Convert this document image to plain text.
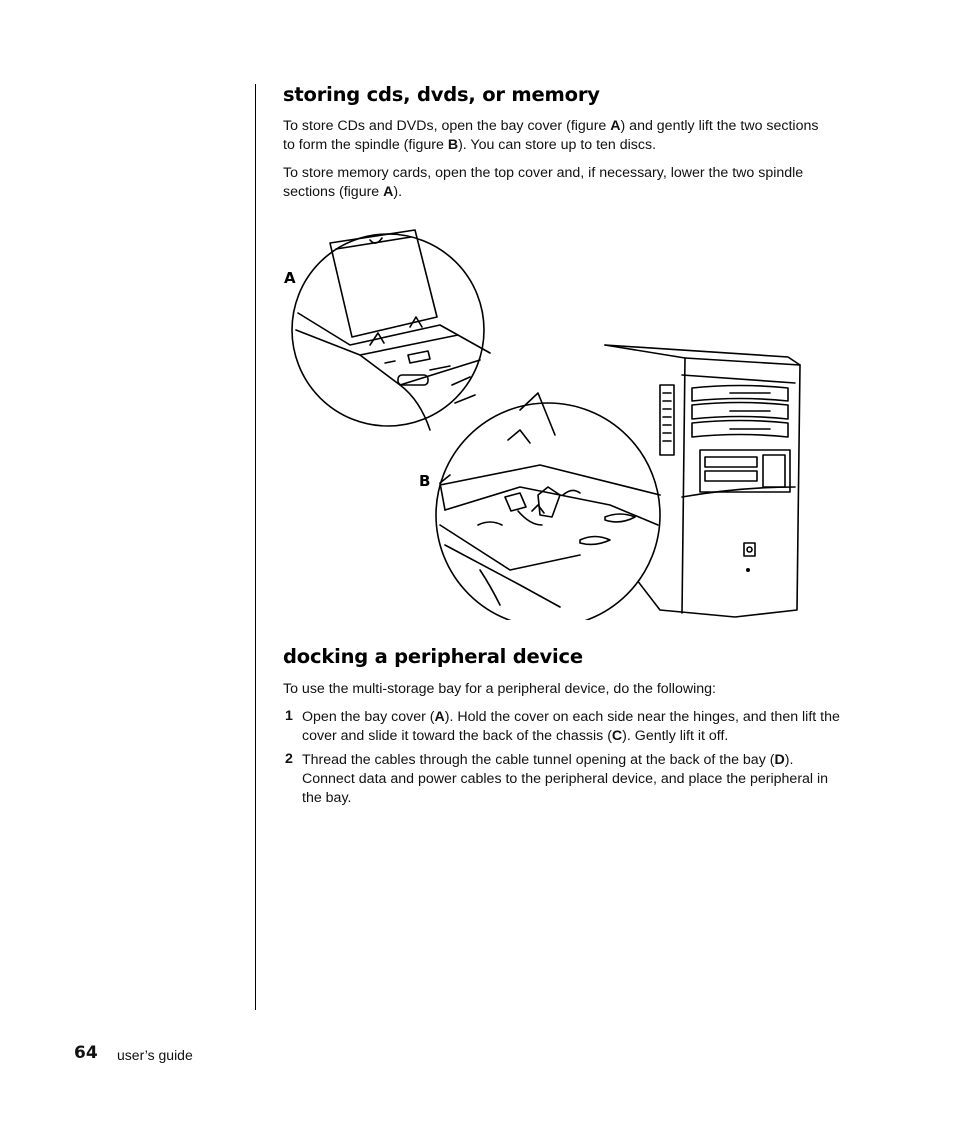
storing cds, dvds, or memory

To store CDs and DVDs, open the bay cover (figure A) and gently lift the two sections to form the spindle (figure B). You can store up to ten discs.

To store memory cards, open the top cover and, if necessary, lower the two spindle sections (figure A).

A
B
docking a peripheral device

To use the multi-storage bay for a peripheral device, do the following:

1 Open the bay cover (A). Hold the cover on each side near the hinges, and then lift the cover and slide it toward the back of the chassis (C). Gently lift it off.

2 Thread the cables through the cable tunnel opening at the back of the bay (D). Connect data and power cables to the peripheral device, and place the peripheral in the bay.

64 user’s guide
